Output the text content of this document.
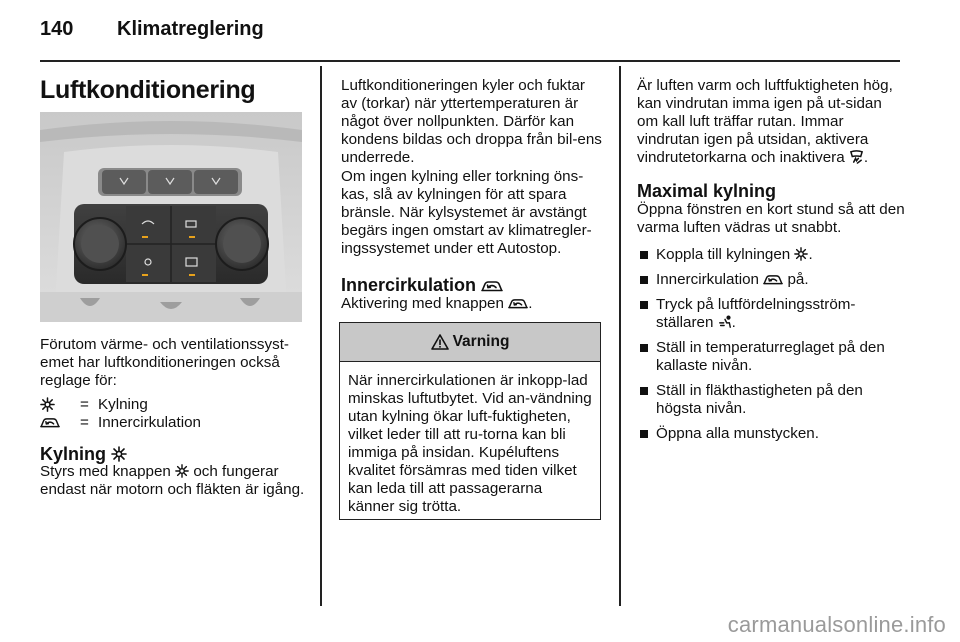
140 Klimatreglering
Luftkonditionering
Förutom värme- och ventilationssyst-emet har luftkonditioneringen också reglage för:
= Kylning
= Innercirkulation
Kylning
Styrs med knappen och fungerar endast när motorn och fläkten är igång.
Luftkonditioneringen kyler och fuktar av (torkar) när yttertemperaturen är något över nollpunkten. Därför kan kondens bildas och droppa från bil-ens underrede.
Om ingen kylning eller torkning öns-kas, slå av kylningen för att spara bränsle. När kylsystemet är avstängt begärs ingen omstart av klimatregler-ingssystemet under ett Autostop.
Innercirkulation
Aktivering med knappen .
Varning
När innercirkulationen är inkopp-lad minskas luftutbytet. Vid an-vändning utan kylning ökar luft-fuktigheten, vilket leder till att ru-torna kan bli immiga på insidan. Kupéluftens kvalitet försämras med tiden vilket kan leda till att passagerarna känner sig trötta.
Är luften varm och luftfuktigheten hög, kan vindrutan imma igen på ut-sidan om kall luft träffar rutan. Immar vindrutan igen på utsidan, aktivera vindrutetorkarna och inaktivera .
Maximal kylning
Öppna fönstren en kort stund så att den varma luften vädras ut snabbt.
Koppla till kylningen .
Innercirkulation  på.
Tryck på luftfördelningsström-ställaren .
Ställ in temperaturreglaget på den kallaste nivån.
Ställ in fläkthastigheten på den högsta nivån.
Öppna alla munstycken.
carmanualsonline.info
